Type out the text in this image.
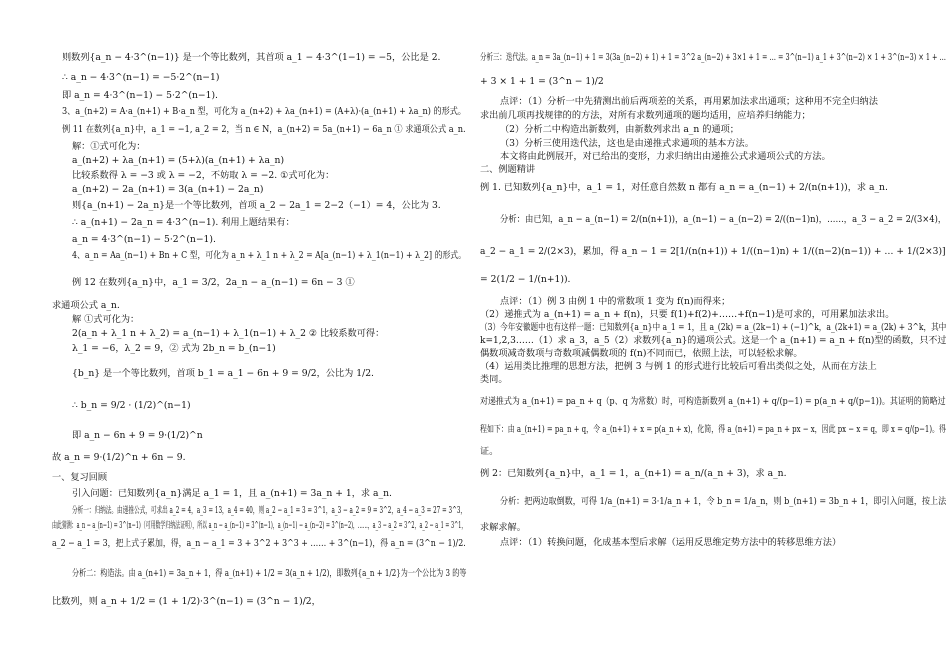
则数列{a_n − 4·3^(n−1)} 是一个等比数列，其首项 a_1 − 4·3^(1−1) = −5，公比是 2.
∴ a_n − 4·3^(n−1) = −5·2^(n−1)
即 a_n = 4·3^(n−1) − 5·2^(n−1).
3、a_(n+2) = A·a_(n+1) + B·a_n 型，可化为 a_(n+2) + λa_(n+1) = (A+λ)·(a_(n+1) + λa_n) 的形式。
例 11 在数列{a_n}中，a_1 = −1, a_2 = 2，当 n ∈ N，a_(n+2) = 5a_(n+1) − 6a_n ① 求通项公式 a_n.
解：①式可化为：
a_(n+2) + λa_(n+1) = (5+λ)(a_(n+1) + λa_n)
比较系数得 λ = −3 或 λ = −2，不妨取 λ = −2. ①式可化为：
a_(n+2) − 2a_(n+1) = 3(a_(n+1) − 2a_n)
则{a_(n+1) − 2a_n}是一个等比数列，首项 a_2 − 2a_1 = 2−2（−1）= 4，公比为 3.
∴ a_(n+1) − 2a_n = 4·3^(n−1). 利用上题结果有：
a_n = 4·3^(n−1) − 5·2^(n−1).
4、a_n = Aa_(n−1) + Bn + C 型，可化为 a_n + λ_1 n + λ_2 = A[a_(n−1) + λ_1(n−1) + λ_2] 的形式。
例 12 在数列{a_n}中，a_1 = 3/2，2a_n − a_(n−1) = 6n − 3 ①
求通项公式 a_n.
解 ①式可化为：
2(a_n + λ_1 n + λ_2) = a_(n−1) + λ_1(n−1) + λ_2 ② 比较系数可得：
λ_1 = −6，λ_2 = 9，② 式为 2b_n = b_(n−1)
{b_n} 是一个等比数列，首项 b_1 = a_1 − 6n + 9 = 9/2，公比为 1/2.
∴ b_n = 9/2 · (1/2)^(n−1)
即 a_n − 6n + 9 = 9·(1/2)^n
故 a_n = 9·(1/2)^n + 6n − 9.
一、复习回顾
引入问题：已知数列{a_n}满足 a_1 = 1，且 a_(n+1) = 3a_n + 1，求 a_n.
分析一：归纳法。由递推公式，可求出 a_2 = 4，a_3 = 13，a_4 = 40，则 a_2 − a_1 = 3 = 3^1，a_3 − a_2 = 9 = 3^2，a_4 − a_3 = 27 = 3^3，
由此猜测：a_n − a_(n−1) = 3^(n−1)（可用数学归纳法证明），所以 a_n − a_(n−1) = 3^(n−1)，a_(n−1) − a_(n−2) = 3^(n−2)，……，a_3 − a_2 = 3^2，a_2 − a_1 = 3^1，
a_2 − a_1 = 3，把上式子累加，得，a_n − a_1 = 3 + 3^2 + 3^3 + …… + 3^(n−1)，得 a_n = (3^n − 1)/2.
分析二：构造法。由 a_(n+1) = 3a_n + 1，得 a_(n+1) + 1/2 = 3(a_n + 1/2)，即数列{a_n + 1/2}为一个公比为 3 的等
比数列，则 a_n + 1/2 = (1 + 1/2)·3^(n−1) = (3^n − 1)/2，
分析三：迭代法。a_n = 3a_(n−1) + 1 = 3(3a_(n−2) + 1) + 1 = 3^2 a_(n−2) + 3×1 + 1 = … = 3^(n−1) a_1 + 3^(n−2) × 1 + 3^(n−3) × 1 + …
+ 3 × 1 + 1 = (3^n − 1)/2
点评：（1）分析一中先猜测出前后两项差的关系，再用累加法求出通项；这种用不完全归纳法
求出前几项再找规律的的方法，对所有求数列通项的题均适用，应培养归纳能力；
（2）分析二中构造出新数列，由新数列求出 a_n 的通项；
（3）分析三使用迭代法，这也是由递推式求通项的基本方法。
本文将由此例展开，对已给出的变形，力求归纳出由递推公式求通项公式的方法。
二、例题精讲
例 1. 已知数列{a_n}中，a_1 = 1，对任意自然数 n 都有 a_n = a_(n−1) + 2/(n(n+1))，求 a_n.
分析：由已知，a_n − a_(n−1) = 2/(n(n+1))，a_(n−1) − a_(n−2) = 2/((n−1)n)，……，a_3 − a_2 = 2/(3×4)，
a_2 − a_1 = 2/(2×3)，累加，得 a_n − 1 = 2[1/(n(n+1)) + 1/((n−1)n) + 1/((n−2)(n−1)) + … + 1/(2×3)]
= 2(1/2 − 1/(n+1)).
点评：（1）例 3 由例 1 中的常数项 1 变为 f(n)而得来；
（2）递推式为 a_(n+1) = a_n + f(n)，只要 f(1)+f(2)+……+f(n−1)是可求的，可用累加法求出。
（3）今年安徽题中也有这样一题：已知数列{a_n}中 a_1 = 1，且 a_(2k) = a_(2k−1) + (−1)^k，a_(2k+1) = a_(2k) + 3^k，其中
k=1,2,3……（1）求 a_3，a_5（2）求数列{a_n}的通项公式。这是一个 a_(n+1) = a_n + f(n)型的函数，只不过
偶数项减奇数项与奇数项减偶数项的 f(n)不同而已，依照上法，可以轻松求解。
（4）运用类比推理的思想方法，把例 3 与例 1 的形式进行比较后可看出类似之处，从而在方法上
类同。
对递推式为 a_(n+1) = pa_n + q（p、q 为常数）时，可构造新数列 a_(n+1) + q/(p−1) = p(a_n + q/(p−1))。其证明的简略过
程如下：由 a_(n+1) = pa_n + q，令 a_(n+1) + x = p(a_n + x)，化简，得 a_(n+1) = pa_n + px − x，因此 px − x = q，即 x = q/(p−1)。得
证。
例 2：已知数列{a_n}中，a_1 = 1，a_(n+1) = a_n/(a_n + 3)，求 a_n.
分析：把两边取倒数，可得 1/a_(n+1) = 3·1/a_n + 1，令 b_n = 1/a_n，则 b_(n+1) = 3b_n + 1，即引入问题，按上法
求解求解。
点评：（1）转换问题，化成基本型后求解（运用反思维定势方法中的转移思维方法）
